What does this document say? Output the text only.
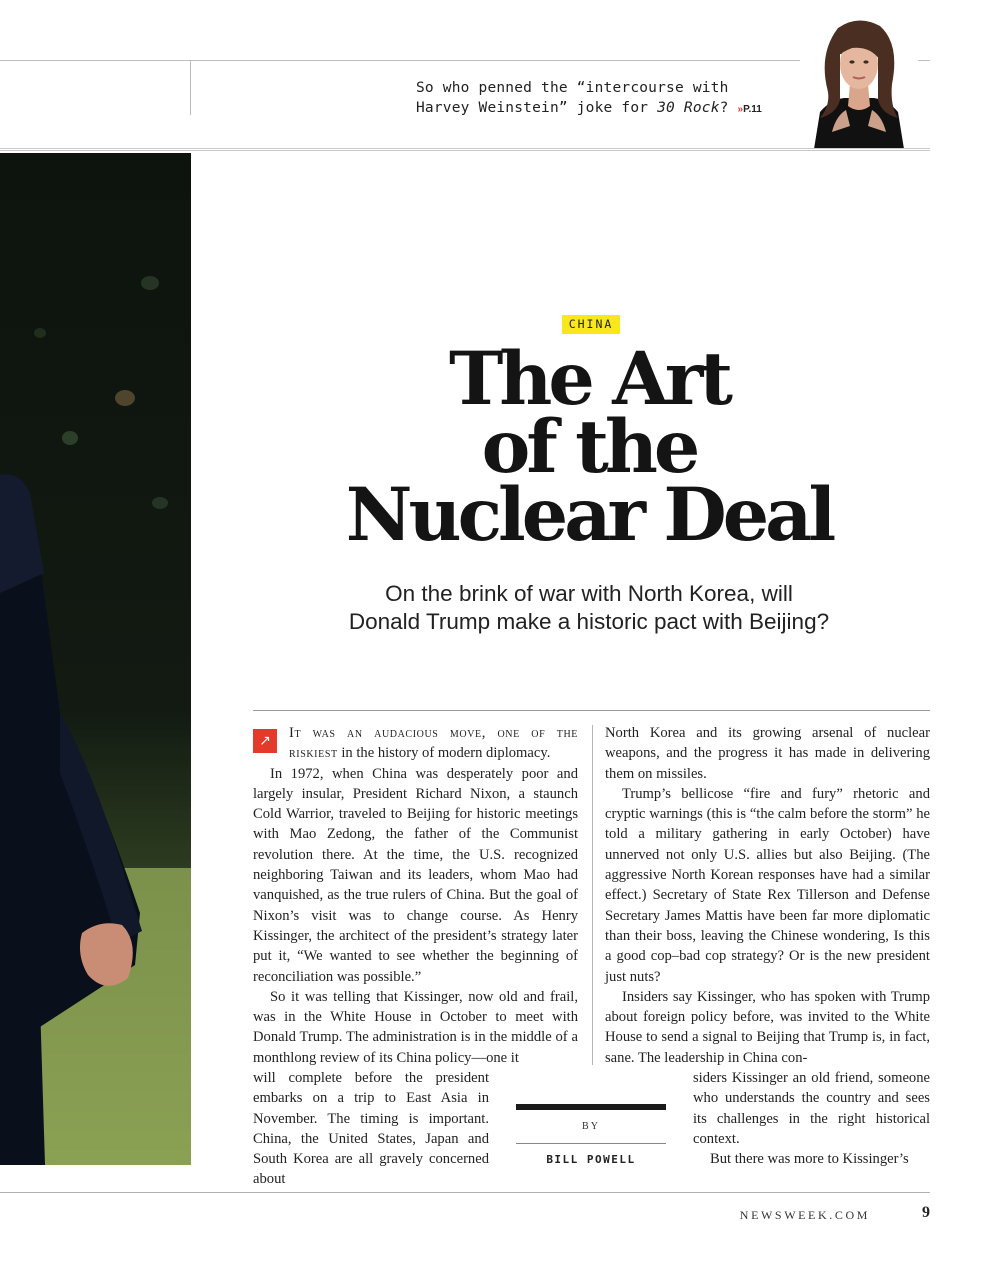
So who penned the “intercourse with
Harvey Weinstein” joke for 30 Rock? »P.11
CHINA
The Art
of the
Nuclear Deal
On the brink of war with North Korea, will
Donald Trump make a historic pact with Beijing?

↗	It was an audacious move, one of the riskiest in the history of modern diplomacy.

In 1972, when China was desperately poor and largely insular, President Richard Nixon, a staunch Cold Warrior, traveled to Beijing for historic meetings with Mao Zedong, the father of the Communist revolution there. At the time, the U.S. recognized neighboring Taiwan and its leaders, whom Mao had vanquished, as the true rulers of China. But the goal of Nixon’s visit was to change course. As Henry Kissinger, the architect of the president’s strategy later put it, “We wanted to see whether the beginning of reconciliation was possible.”

So it was telling that Kissinger, now old and frail, was in the White House in October to meet with Donald Trump. The administration is in the middle of a monthlong review of its China policy—one it

North Korea and its growing arsenal of nuclear weapons, and the progress it has made in delivering them on missiles.

Trump’s bellicose “fire and fury” rhetoric and cryptic warnings (this is “the calm before the storm” he told a military gathering in early October) have unnerved not only U.S. allies but also Beijing. (The aggressive North Korean responses have had a similar effect.) Secretary of State Rex Tillerson and Defense Secretary James Mattis have been far more diplomatic than their boss, leaving the Chinese wondering, Is this a good cop–bad cop strategy? Or is the new president just nuts?

Insiders say Kissinger, who has spoken with Trump about foreign policy before, was invited to the White House to send a signal to Beijing that Trump is, in fact, sane. The leadership in China con-

will complete before the president embarks on a trip to East Asia in November. The timing is important. China, the United States, Japan and South Korea are all gravely concerned about

siders Kissinger an old friend, someone who understands the country and sees its challenges in the right historical context.

But there was more to Kissinger’s

BY
BILL POWELL
NEWSWEEK.COM	9
